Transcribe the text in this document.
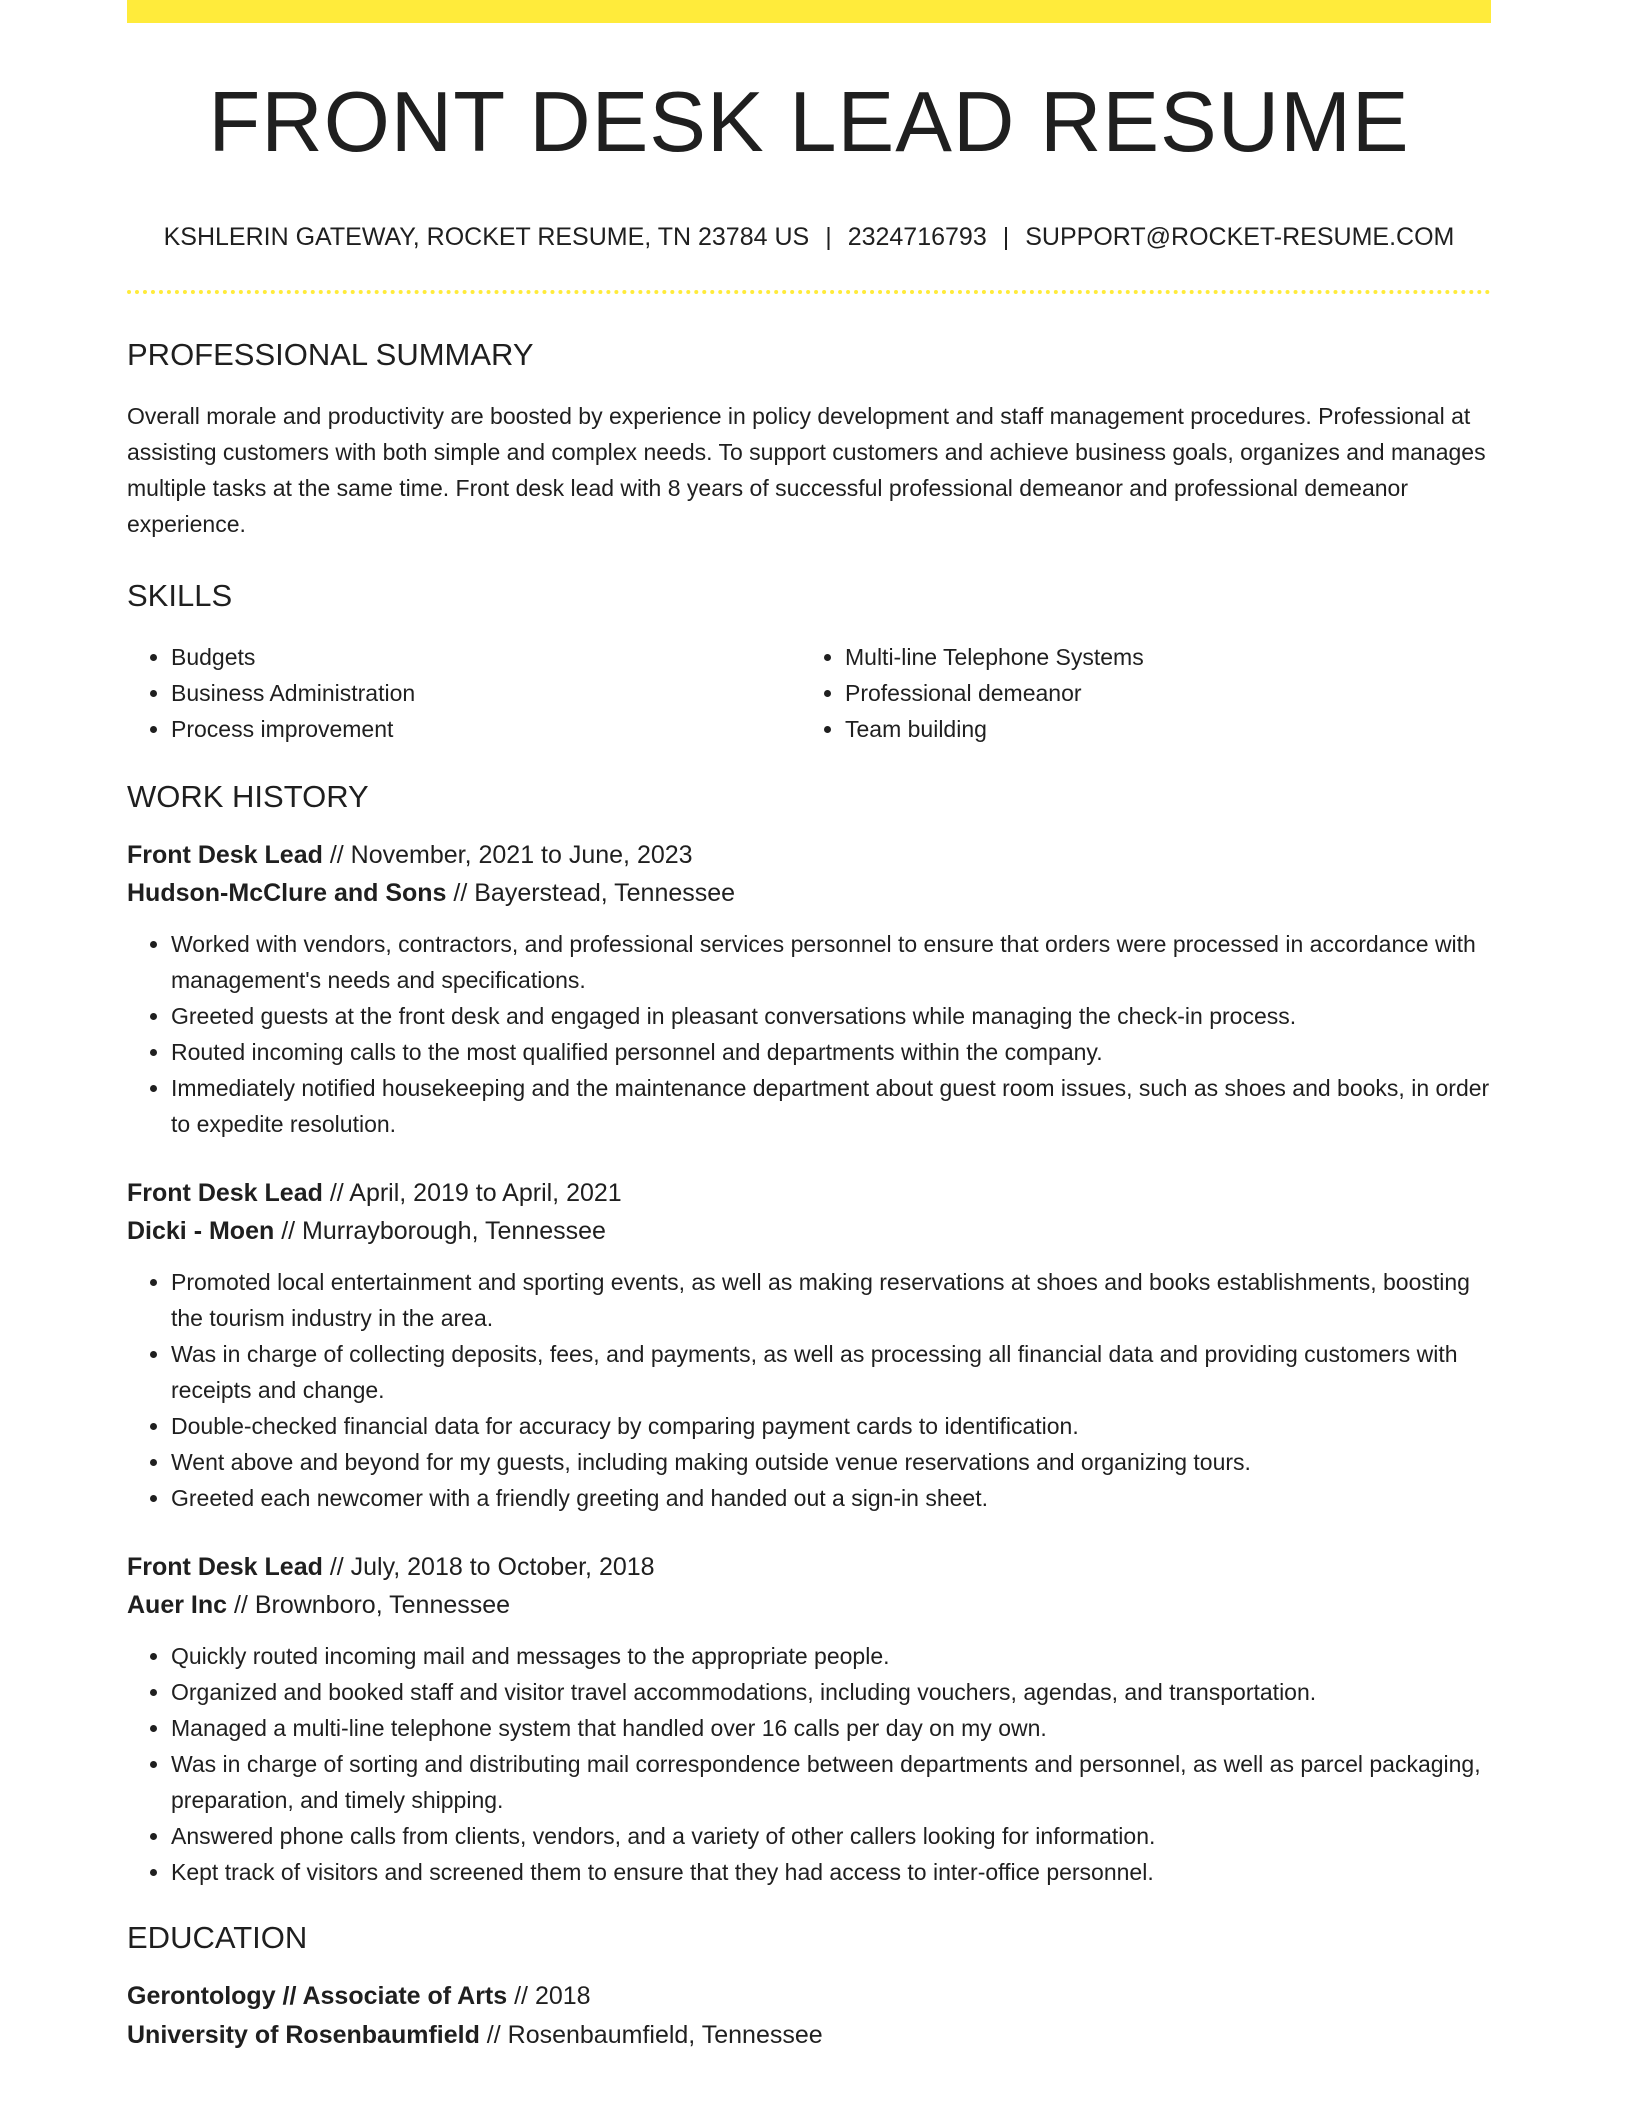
FRONT DESK LEAD RESUME
KSHLERIN GATEWAY, ROCKET RESUME, TN 23784 US | 2324716793 | SUPPORT@ROCKET-RESUME.COM
PROFESSIONAL SUMMARY
Overall morale and productivity are boosted by experience in policy development and staff management procedures. Professional at assisting customers with both simple and complex needs. To support customers and achieve business goals, organizes and manages multiple tasks at the same time. Front desk lead with 8 years of successful professional demeanor and professional demeanor experience.
SKILLS
• Budgets
• Business Administration
• Process improvement
• Multi-line Telephone Systems
• Professional demeanor
• Team building
WORK HISTORY
Front Desk Lead // November, 2021 to June, 2023
Hudson-McClure and Sons // Bayerstead, Tennessee
• Worked with vendors, contractors, and professional services personnel to ensure that orders were processed in accordance with management's needs and specifications.
• Greeted guests at the front desk and engaged in pleasant conversations while managing the check-in process.
• Routed incoming calls to the most qualified personnel and departments within the company.
• Immediately notified housekeeping and the maintenance department about guest room issues, such as shoes and books, in order to expedite resolution.
Front Desk Lead // April, 2019 to April, 2021
Dicki - Moen // Murrayborough, Tennessee
• Promoted local entertainment and sporting events, as well as making reservations at shoes and books establishments, boosting the tourism industry in the area.
• Was in charge of collecting deposits, fees, and payments, as well as processing all financial data and providing customers with receipts and change.
• Double-checked financial data for accuracy by comparing payment cards to identification.
• Went above and beyond for my guests, including making outside venue reservations and organizing tours.
• Greeted each newcomer with a friendly greeting and handed out a sign-in sheet.
Front Desk Lead // July, 2018 to October, 2018
Auer Inc // Brownboro, Tennessee
• Quickly routed incoming mail and messages to the appropriate people.
• Organized and booked staff and visitor travel accommodations, including vouchers, agendas, and transportation.
• Managed a multi-line telephone system that handled over 16 calls per day on my own.
• Was in charge of sorting and distributing mail correspondence between departments and personnel, as well as parcel packaging, preparation, and timely shipping.
• Answered phone calls from clients, vendors, and a variety of other callers looking for information.
• Kept track of visitors and screened them to ensure that they had access to inter-office personnel.
EDUCATION
Gerontology // Associate of Arts // 2018
University of Rosenbaumfield // Rosenbaumfield, Tennessee
